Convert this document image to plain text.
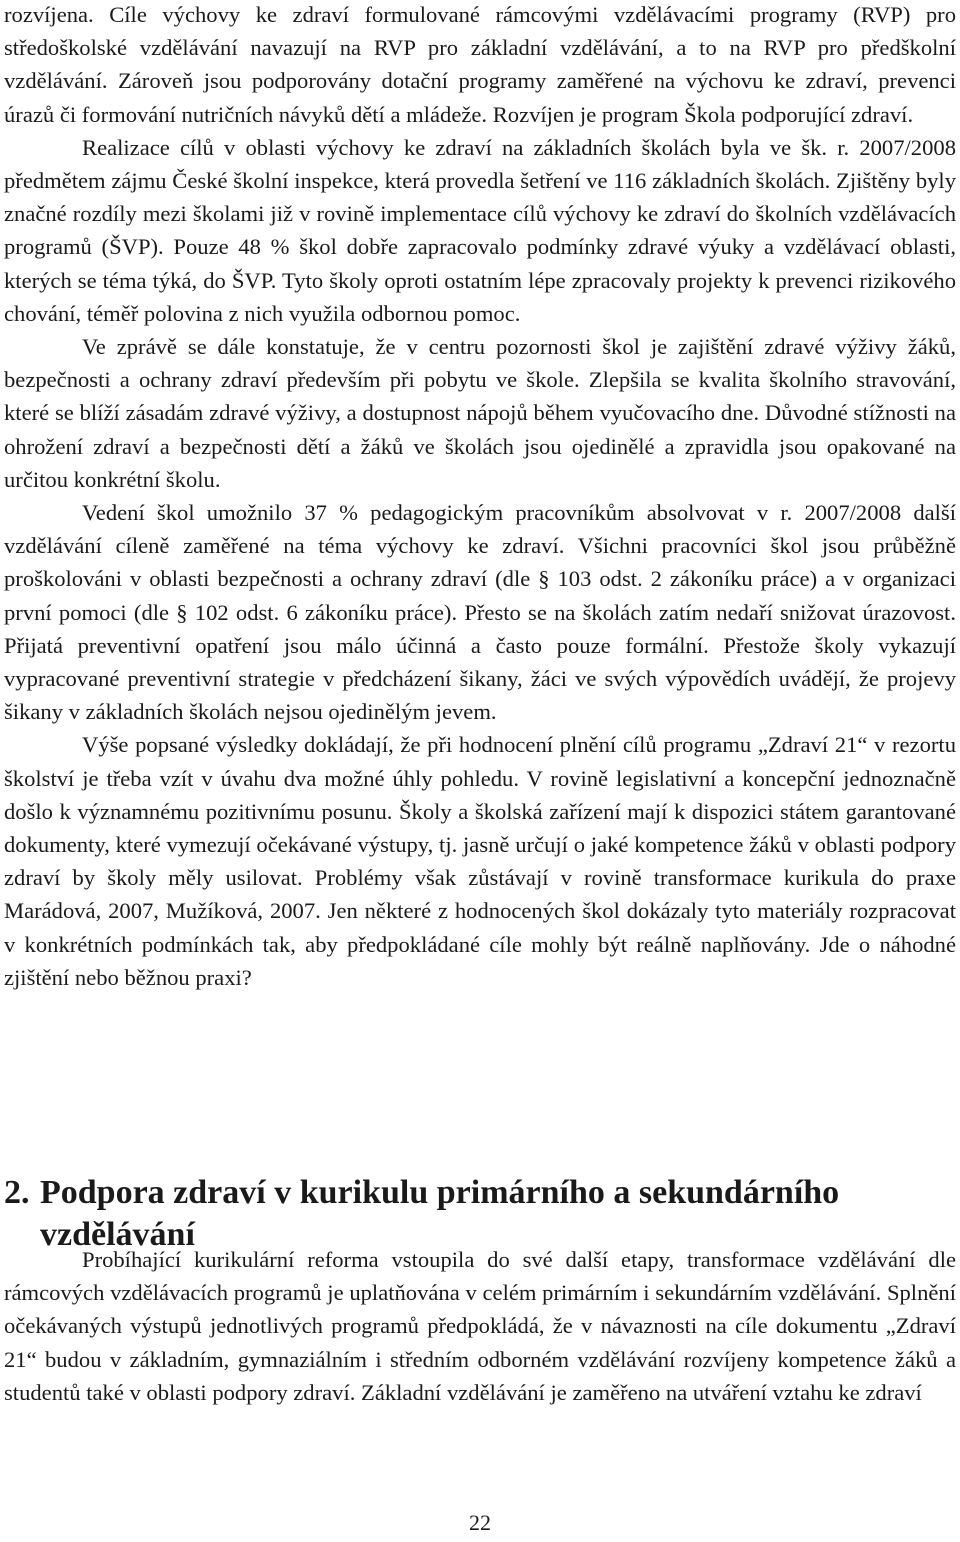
rozvíjena. Cíle výchovy ke zdraví formulované rámcovými vzdělávacími programy (RVP) pro středoškolské vzdělávání navazují na RVP pro základní vzdělávání, a to na RVP pro předškolní vzdělávání. Zároveň jsou podporovány dotační programy zaměřené na výchovu ke zdraví, prevenci úrazů či formování nutričních návyků dětí a mládeže. Rozvíjen je program Škola podporující zdraví.

Realizace cílů v oblasti výchovy ke zdraví na základních školách byla ve šk. r. 2007/2008 předmětem zájmu České školní inspekce, která provedla šetření ve 116 základních školách. Zjištěny byly značné rozdíly mezi školami již v rovině implementace cílů výchovy ke zdraví do školních vzdělávacích programů (ŠVP). Pouze 48 % škol dobře zapracovalo podmínky zdravé výuky a vzdělávací oblasti, kterých se téma týká, do ŠVP. Tyto školy oproti ostatním lépe zpracovaly projekty k prevenci rizikového chování, téměř polovina z nich využila odbornou pomoc.

Ve zprávě se dále konstatuje, že v centru pozornosti škol je zajištění zdravé výživy žáků, bezpečnosti a ochrany zdraví především při pobytu ve škole. Zlepšila se kvalita školního stravování, které se blíží zásadám zdravé výživy, a dostupnost nápojů během vyučovacího dne. Důvodné stížnosti na ohrožení zdraví a bezpečnosti dětí a žáků ve školách jsou ojedinělé a zpravidla jsou opakované na určitou konkrétní školu.

Vedení škol umožnilo 37 % pedagogickým pracovníkům absolvovat v r. 2007/2008 další vzdělávání cíleně zaměřené na téma výchovy ke zdraví. Všichni pracovníci škol jsou průběžně proškolováni v oblasti bezpečnosti a ochrany zdraví (dle § 103 odst. 2 zákoníku práce) a v organizaci první pomoci (dle § 102 odst. 6 zákoníku práce). Přesto se na školách zatím nedaří snižovat úrazovost. Přijatá preventivní opatření jsou málo účinná a často pouze formální. Přestože školy vykazují vypracované preventivní strategie v předcházení šikany, žáci ve svých výpovědích uvádějí, že projevy šikany v základních školách nejsou ojedinělým jevem.

Výše popsané výsledky dokládají, že při hodnocení plnění cílů programu „Zdraví 21“ v rezortu školství je třeba vzít v úvahu dva možné úhly pohledu. V rovině legislativní a koncepční jednoznačně došlo k významnému pozitivnímu posunu. Školy a školská zařízení mají k dispozici státem garantované dokumenty, které vymezují očekávané výstupy, tj. jasně určují o jaké kompetence žáků v oblasti podpory zdraví by školy měly usilovat. Problémy však zůstávají v rovině transformace kurikula do praxe Marádová, 2007, Mužíková, 2007. Jen některé z hodnocených škol dokázaly tyto materiály rozpracovat v konkrétních podmínkách tak, aby předpokládané cíle mohly být reálně naplňovány. Jde o náhodné zjištění nebo běžnou praxi?

2. Podpora zdraví v kurikulu primárního a sekundárního
vzdělávání

Probíhající kurikulární reforma vstoupila do své další etapy, transformace vzdělávání dle rámcových vzdělávacích programů je uplatňována v celém primárním i sekundárním vzdělávání. Splnění očekávaných výstupů jednotlivých programů předpokládá, že v návaznosti na cíle dokumentu „Zdraví 21“ budou v základním, gymnaziálním i středním odborném vzdělávání rozvíjeny kompetence žáků a studentů také v oblasti podpory zdraví. Základní vzdělávání je zaměřeno na utváření vztahu ke zdraví

22
